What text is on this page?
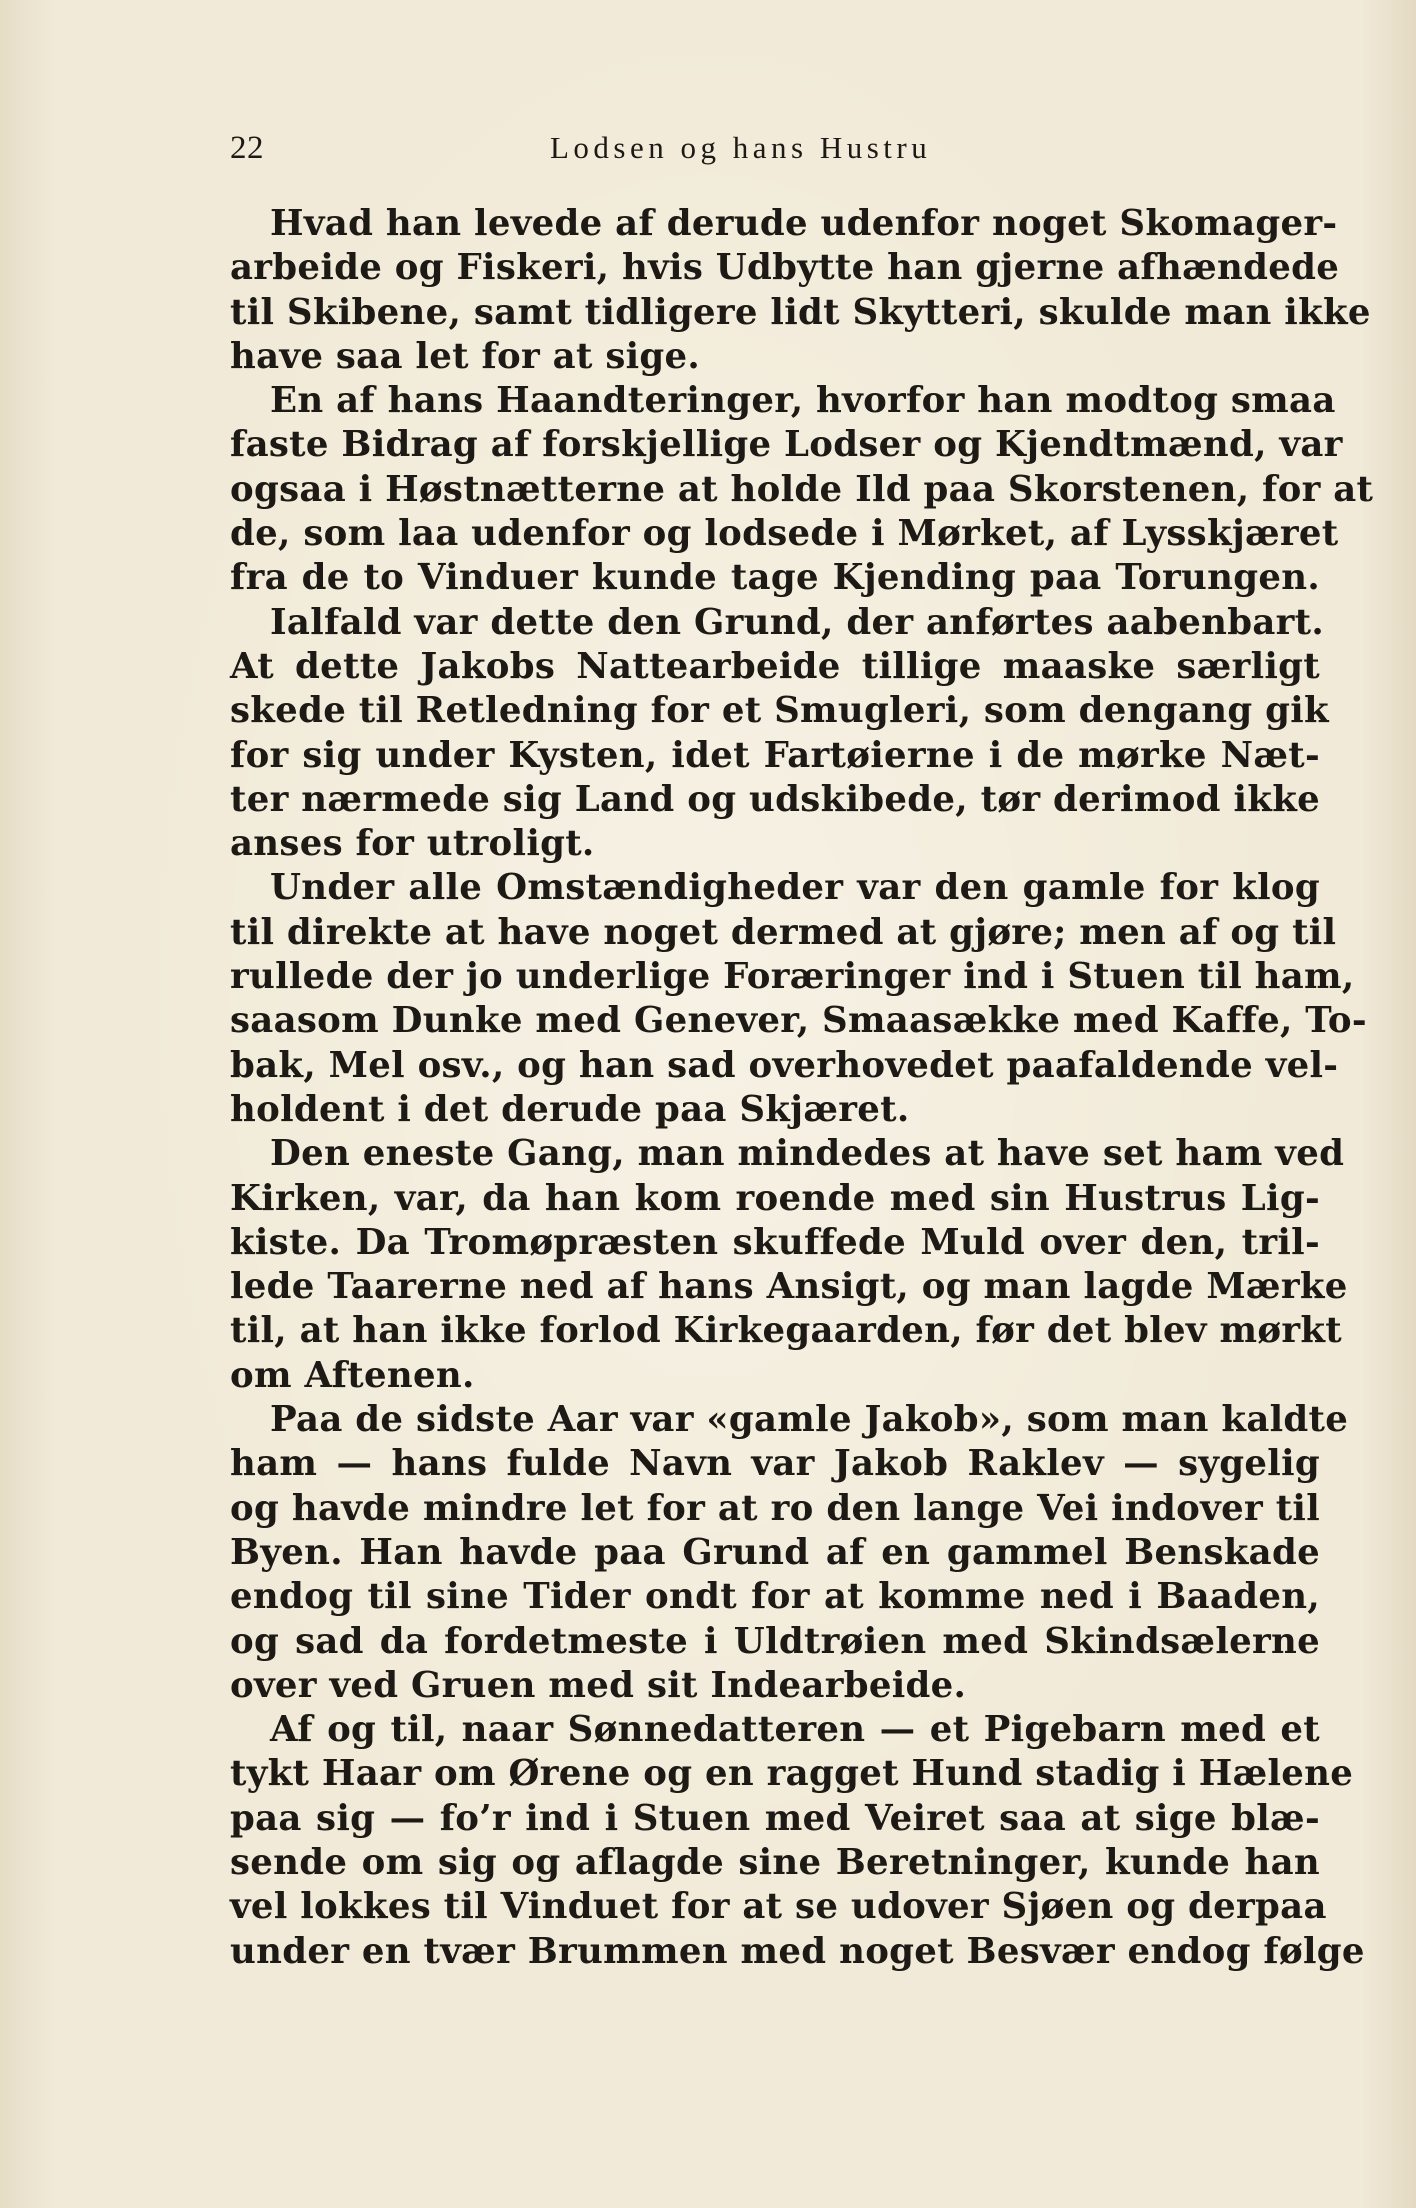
22	Lodsen og hans Hustru
Hvad han levede af derude udenfor noget Skomager-
arbeide og Fiskeri, hvis Udbytte han gjerne afhændede
til Skibene, samt tidligere lidt Skytteri, skulde man ikke
have saa let for at sige.
En af hans Haandteringer, hvorfor han modtog smaa
faste Bidrag af forskjellige Lodser og Kjendtmænd, var
ogsaa i Høstnætterne at holde Ild paa Skorstenen, for at
de, som laa udenfor og lodsede i Mørket, af Lysskjæret
fra de to Vinduer kunde tage Kjending paa Torungen.
Ialfald var dette den Grund, der anførtes aabenbart.
At dette Jakobs Nattearbeide tillige maaske særligt
skede til Retledning for et Smugleri, som dengang gik
for sig under Kysten, idet Fartøierne i de mørke Næt-
ter nærmede sig Land og udskibede, tør derimod ikke
anses for utroligt.
Under alle Omstændigheder var den gamle for klog
til direkte at have noget dermed at gjøre; men af og til
rullede der jo underlige Foræringer ind i Stuen til ham,
saasom Dunke med Genever, Smaasække med Kaffe, To-
bak, Mel osv., og han sad overhovedet paafaldende vel-
holdent i det derude paa Skjæret.
Den eneste Gang, man mindedes at have set ham ved
Kirken, var, da han kom roende med sin Hustrus Lig-
kiste. Da Tromøpræsten skuffede Muld over den, tril-
lede Taarerne ned af hans Ansigt, og man lagde Mærke
til, at han ikke forlod Kirkegaarden, før det blev mørkt
om Aftenen.
Paa de sidste Aar var «gamle Jakob», som man kaldte
ham — hans fulde Navn var Jakob Raklev — sygelig
og havde mindre let for at ro den lange Vei indover til
Byen. Han havde paa Grund af en gammel Benskade
endog til sine Tider ondt for at komme ned i Baaden,
og sad da fordetmeste i Uldtrøien med Skindsælerne
over ved Gruen med sit Indearbeide.
Af og til, naar Sønnedatteren — et Pigebarn med et
tykt Haar om Ørene og en ragget Hund stadig i Hælene
paa sig — fo’r ind i Stuen med Veiret saa at sige blæ-
sende om sig og aflagde sine Beretninger, kunde han
vel lokkes til Vinduet for at se udover Sjøen og derpaa
under en tvær Brummen med noget Besvær endog følge
